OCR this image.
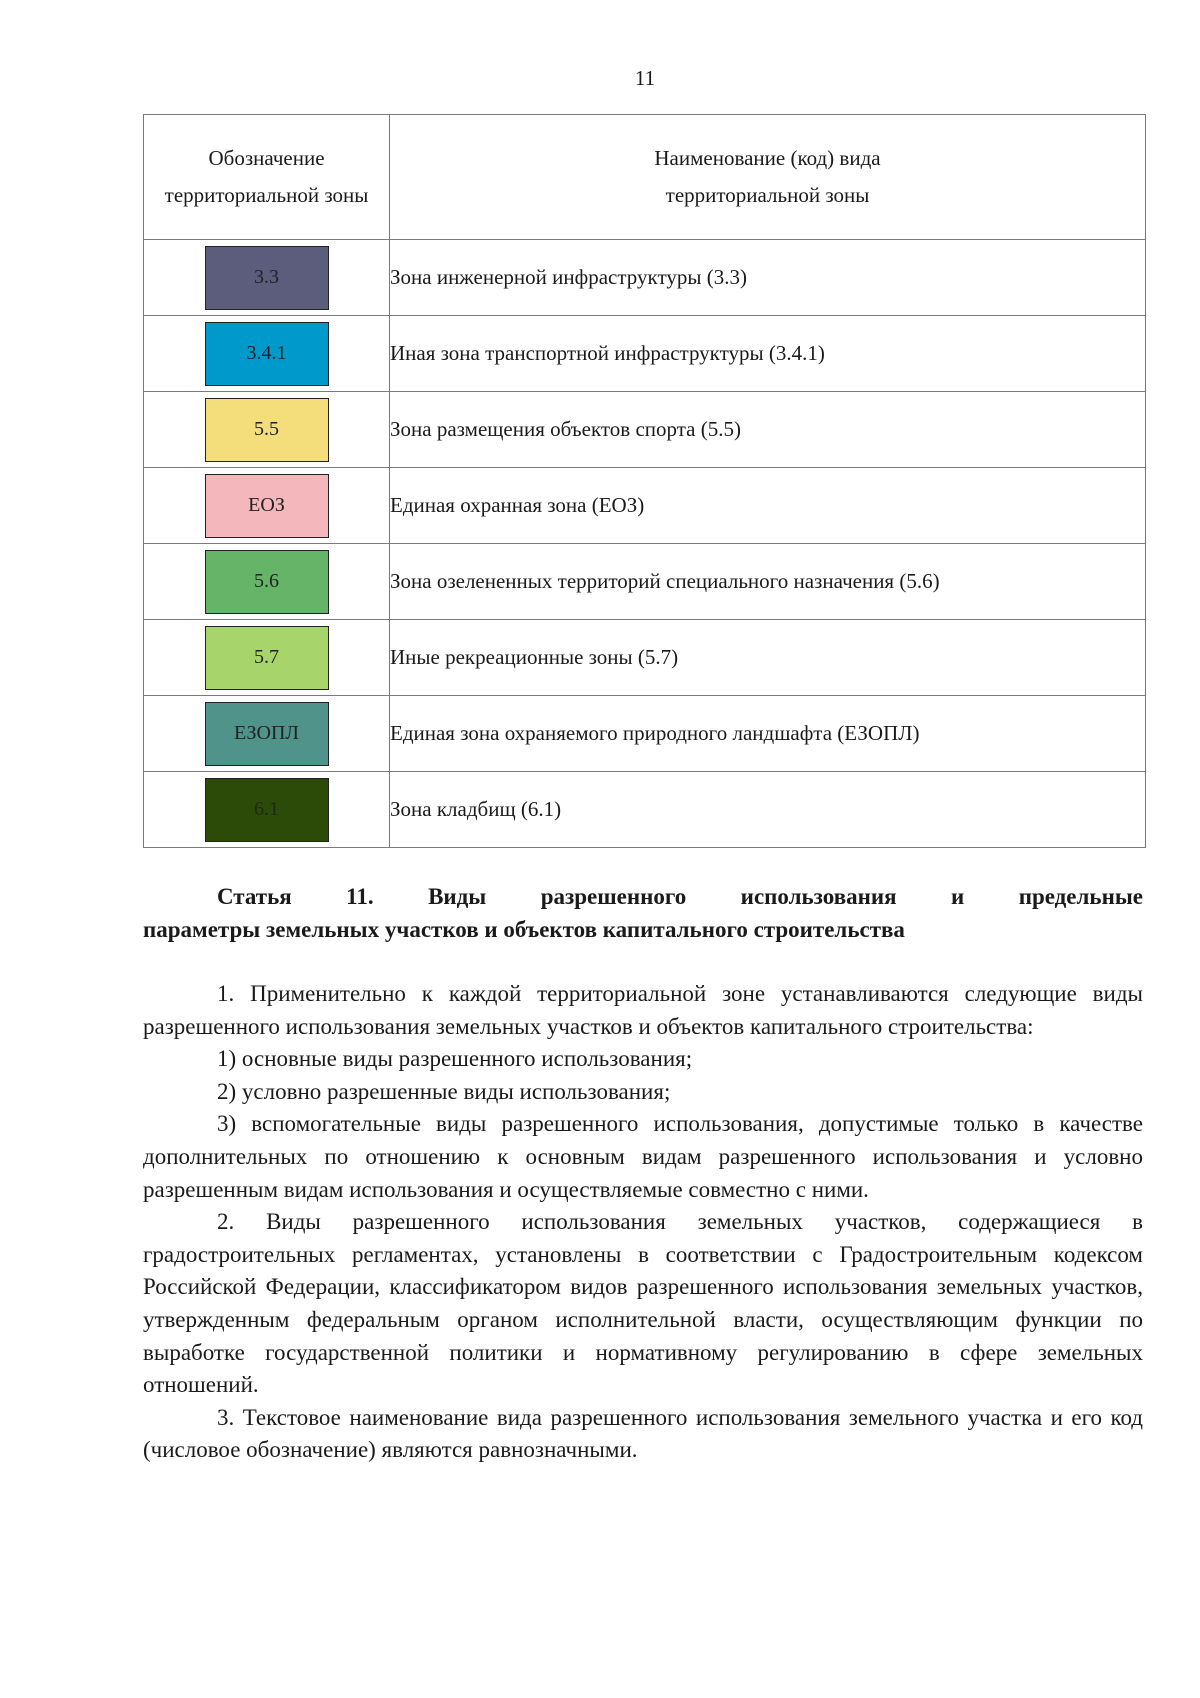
11
Обозначение территориальной зоны	Наименование (код) вида территориальной зоны

3.3	Зона инженерной инфраструктуры (3.3)

3.4.1	Иная зона транспортной инфраструктуры (3.4.1)

5.5	Зона размещения объектов спорта (5.5)

ЕОЗ	Единая охранная зона (ЕОЗ)

5.6	Зона озелененных территорий специального назначения (5.6)

5.7	Иные рекреационные зоны (5.7)

ЕЗОПЛ	Единая зона охраняемого природного ландшафта (ЕЗОПЛ)

6.1	Зона кладбищ (6.1)
Статья 11. Виды разрешенного использования и предельные
параметры земельных участков и объектов капитального строительства

1. Применительно к каждой территориальной зоне устанавливаются следующие виды разрешенного использования земельных участков и объектов капитального строительства:

1) основные виды разрешенного использования;

2) условно разрешенные виды использования;

3) вспомогательные виды разрешенного использования, допустимые только в качестве дополнительных по отношению к основным видам разрешенного использования и условно разрешенным видам использования и осуществляемые совместно с ними.

2. Виды разрешенного использования земельных участков, содержащиеся в градостроительных регламентах, установлены в соответствии с Градостроительным кодексом Российской Федерации, классификатором видов разрешенного использования земельных участков, утвержденным федеральным органом исполнительной власти, осуществляющим функции по выработке государственной политики и нормативному регулированию в сфере земельных отношений.

3. Текстовое наименование вида разрешенного использования земельного участка и его код (числовое обозначение) являются равнозначными.
